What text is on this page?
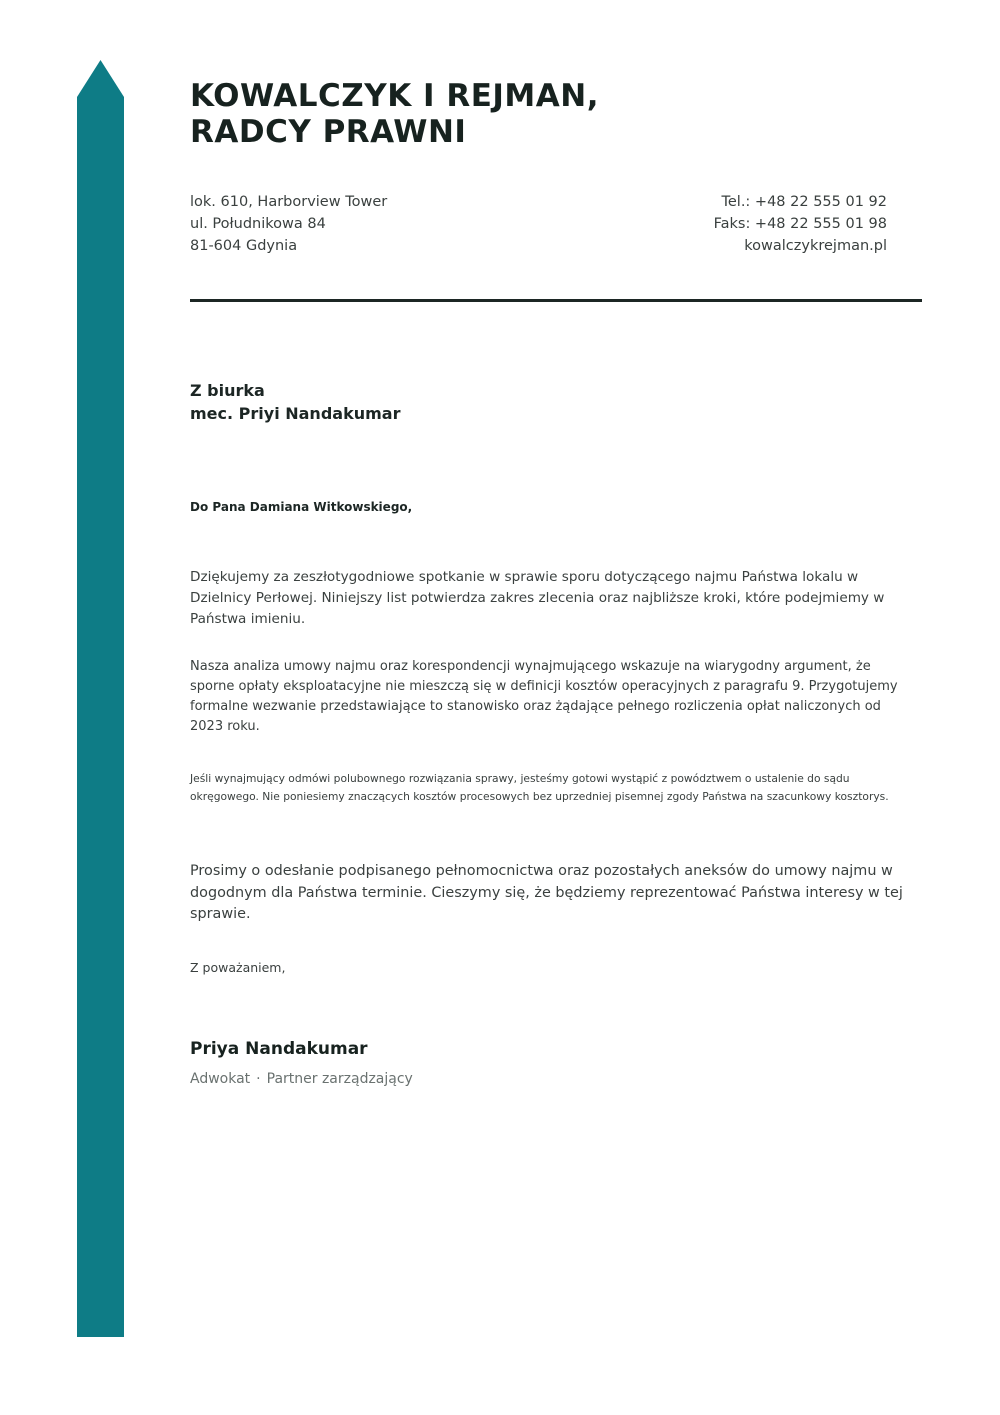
KOWALCZYK I REJMAN,
RADCY PRAWNI
lok. 610, Harborview Tower
ul. Południkowa 84
81-604 Gdynia
Tel.: +48 22 555 01 92
Faks: +48 22 555 01 98
kowalczykrejman.pl
Z biurka
mec. Priyi Nandakumar
Do Pana Damiana Witkowskiego,

Dziękujemy za zeszłotygodniowe spotkanie w sprawie sporu dotyczącego najmu Państwa lokalu w Dzielnicy Perłowej. Niniejszy list potwierdza zakres zlecenia oraz najbliższe kroki, które podejmiemy w Państwa imieniu.

Nasza analiza umowy najmu oraz korespondencji wynajmującego wskazuje na wiarygodny argument, że sporne opłaty eksploatacyjne nie mieszczą się w definicji kosztów operacyjnych z paragrafu 9. Przygotujemy formalne wezwanie przedstawiające to stanowisko oraz żądające pełnego rozliczenia opłat naliczonych od 2023 roku.

Jeśli wynajmujący odmówi polubownego rozwiązania sprawy, jesteśmy gotowi wystąpić z powództwem o ustalenie do sądu okręgowego. Nie poniesiemy znaczących kosztów procesowych bez uprzedniej pisemnej zgody Państwa na szacunkowy kosztorys.

Prosimy o odesłanie podpisanego pełnomocnictwa oraz pozostałych aneksów do umowy najmu w dogodnym dla Państwa terminie. Cieszymy się, że będziemy reprezentować Państwa interesy w tej sprawie.

Z poważaniem,
Priya Nandakumar
Adwokat · Partner zarządzający
